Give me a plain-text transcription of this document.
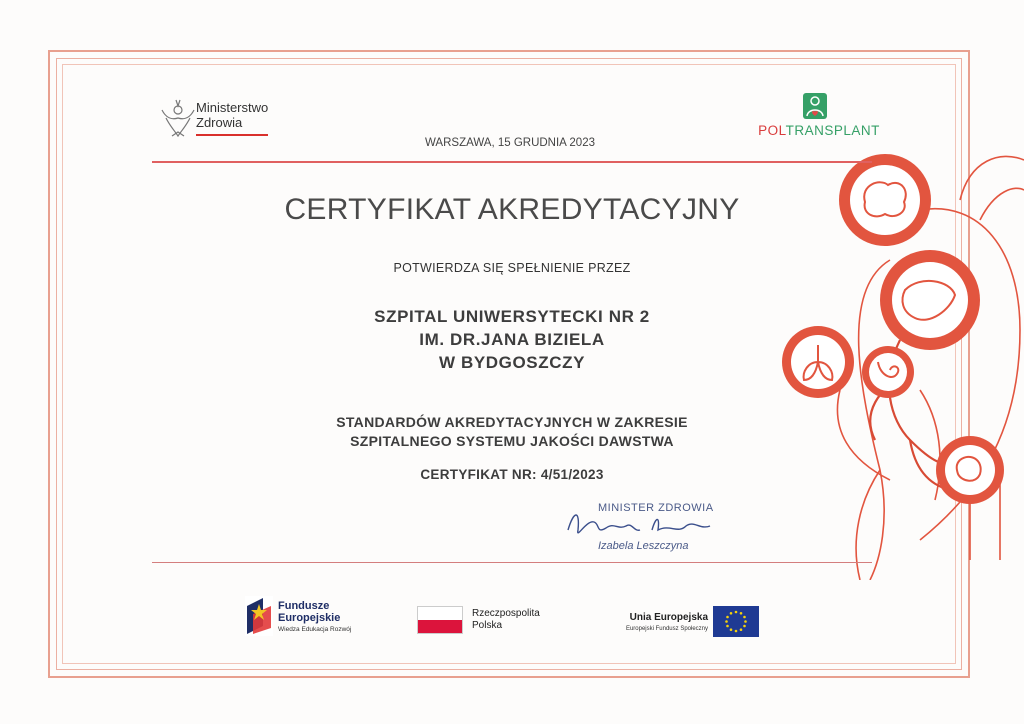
Ministerstwo
Zdrowia
POLTRANSPLANT
WARSZAWA, 15 GRUDNIA 2023
CERTYFIKAT AKREDYTACYJNY
POTWIERDZA SIĘ SPEŁNIENIE PRZEZ
SZPITAL UNIWERSYTECKI NR 2
IM. DR.JANA BIZIELA
W BYDGOSZCZY
STANDARDÓW AKREDYTACYJNYCH W ZAKRESIE
SZPITALNEGO SYSTEMU JAKOŚCI DAWSTWA
CERTYFIKAT NR: 4/51/2023
MINISTER ZDROWIA
Izabela Leszczyna
Fundusze
Europejskie
Wiedza Edukacja Rozwój
Rzeczpospolita
Polska
Unia Europejska
Europejski Fundusz Społeczny
